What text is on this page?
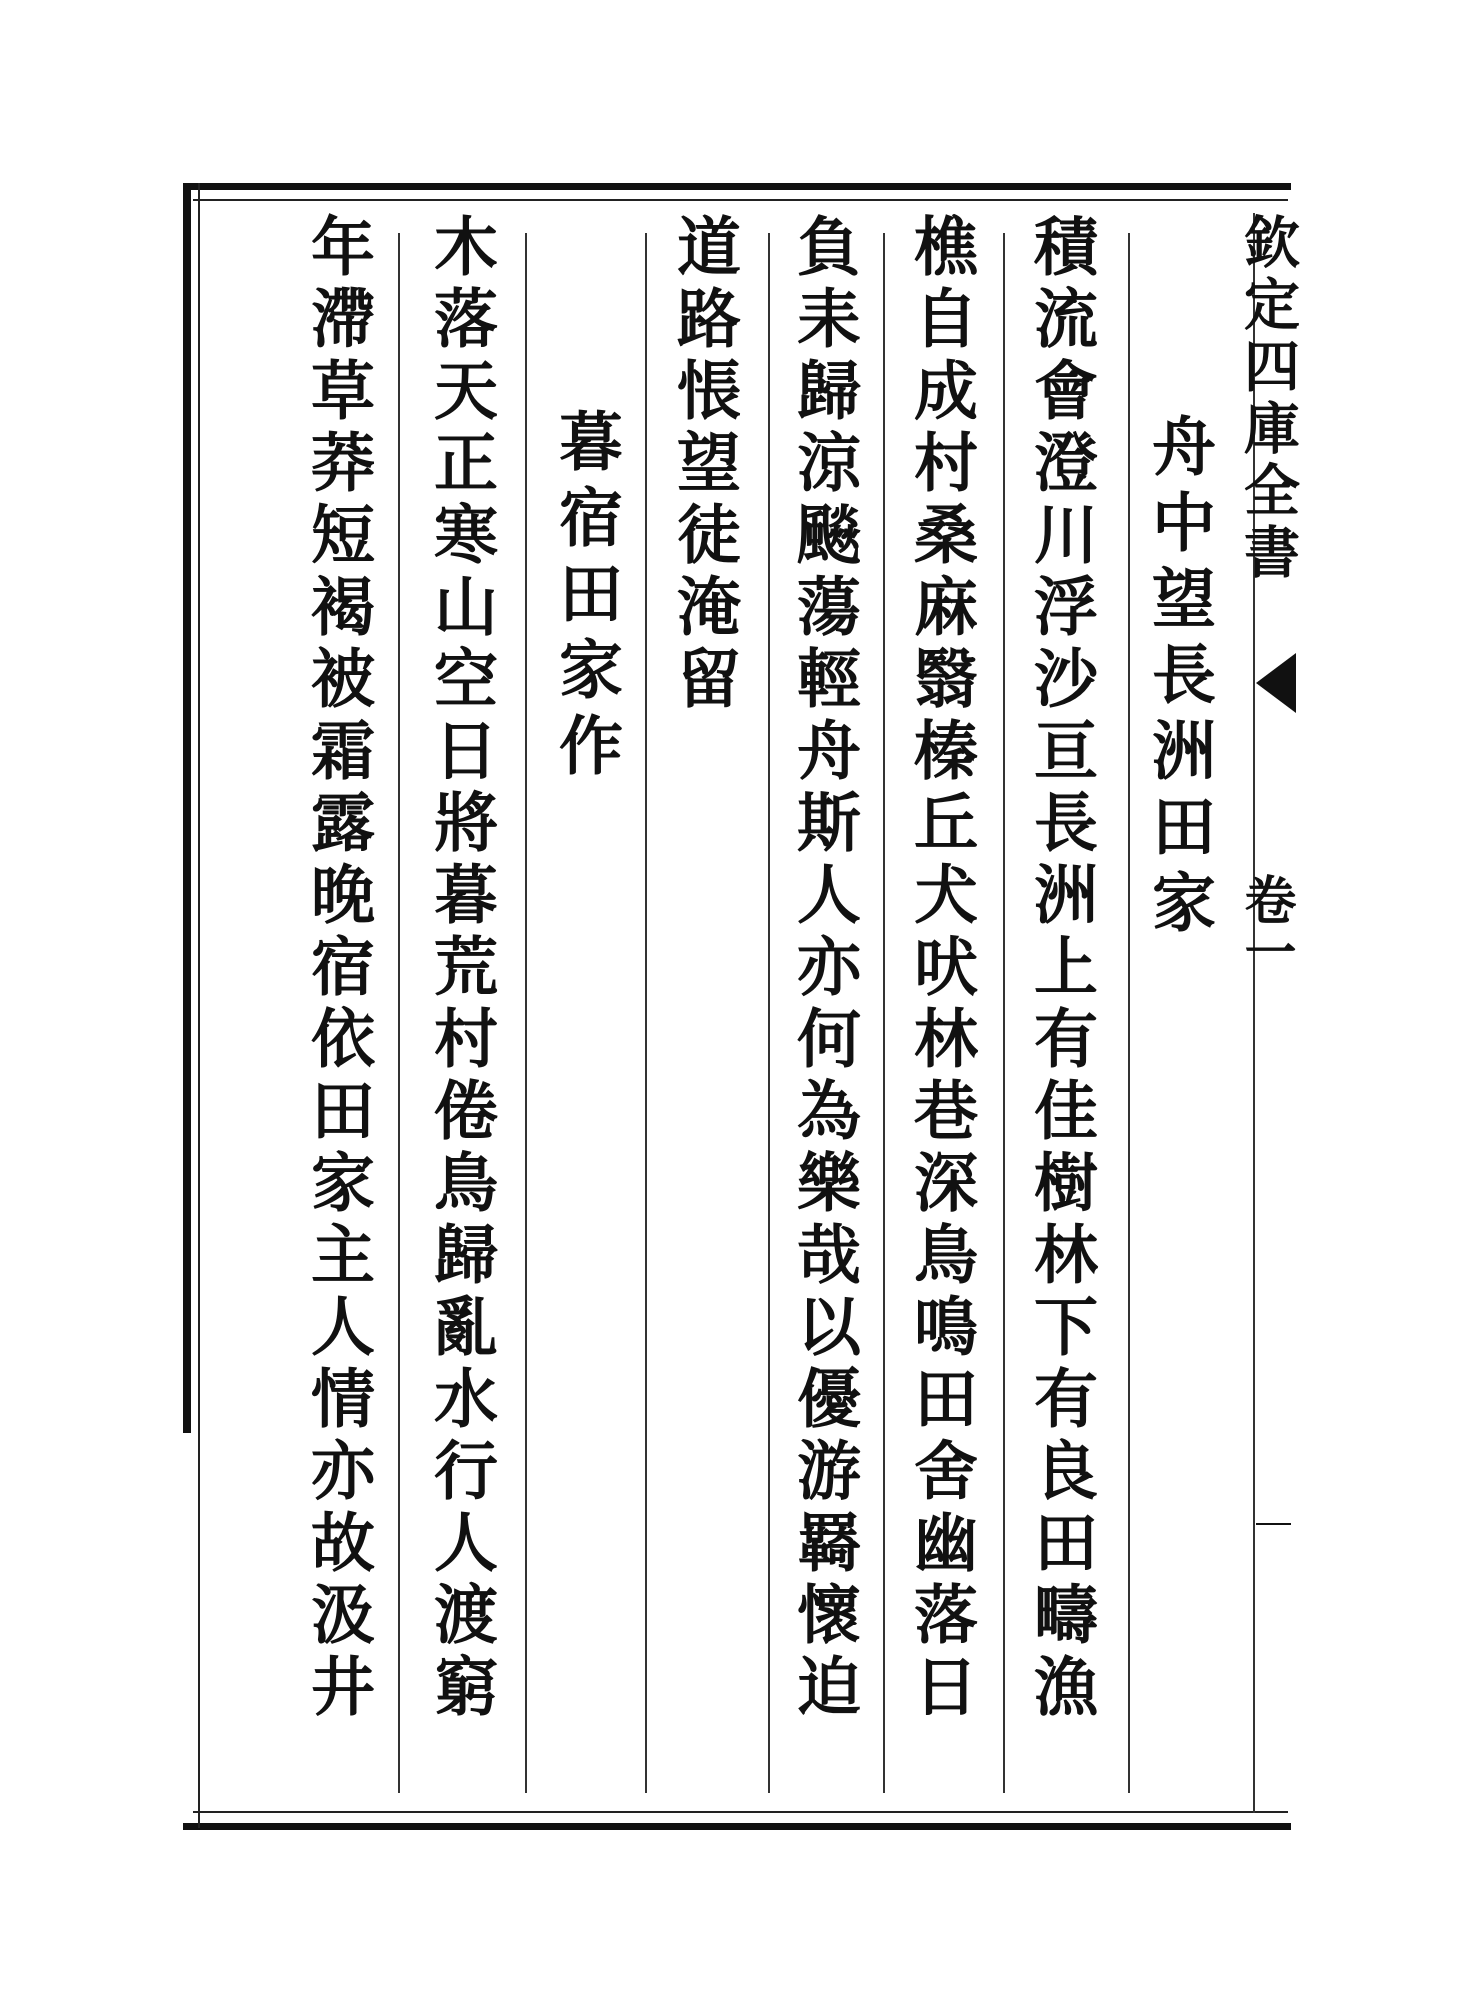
欽定四庫全書
卷一
舟中望長洲田家
積流會澄川浮沙亘長洲上有佳樹林下有良田疇漁
樵自成村桑麻翳榛丘犬吠林巷深鳥鳴田舍幽落日
負耒歸涼飈蕩輕舟斯人亦何為樂哉以優游羇懷迫
道路悵望徒淹留
暮宿田家作
木落天正寒山空日將暮荒村倦鳥歸亂水行人渡窮
年滯草莽短褐被霜露晚宿依田家主人情亦故汲井
